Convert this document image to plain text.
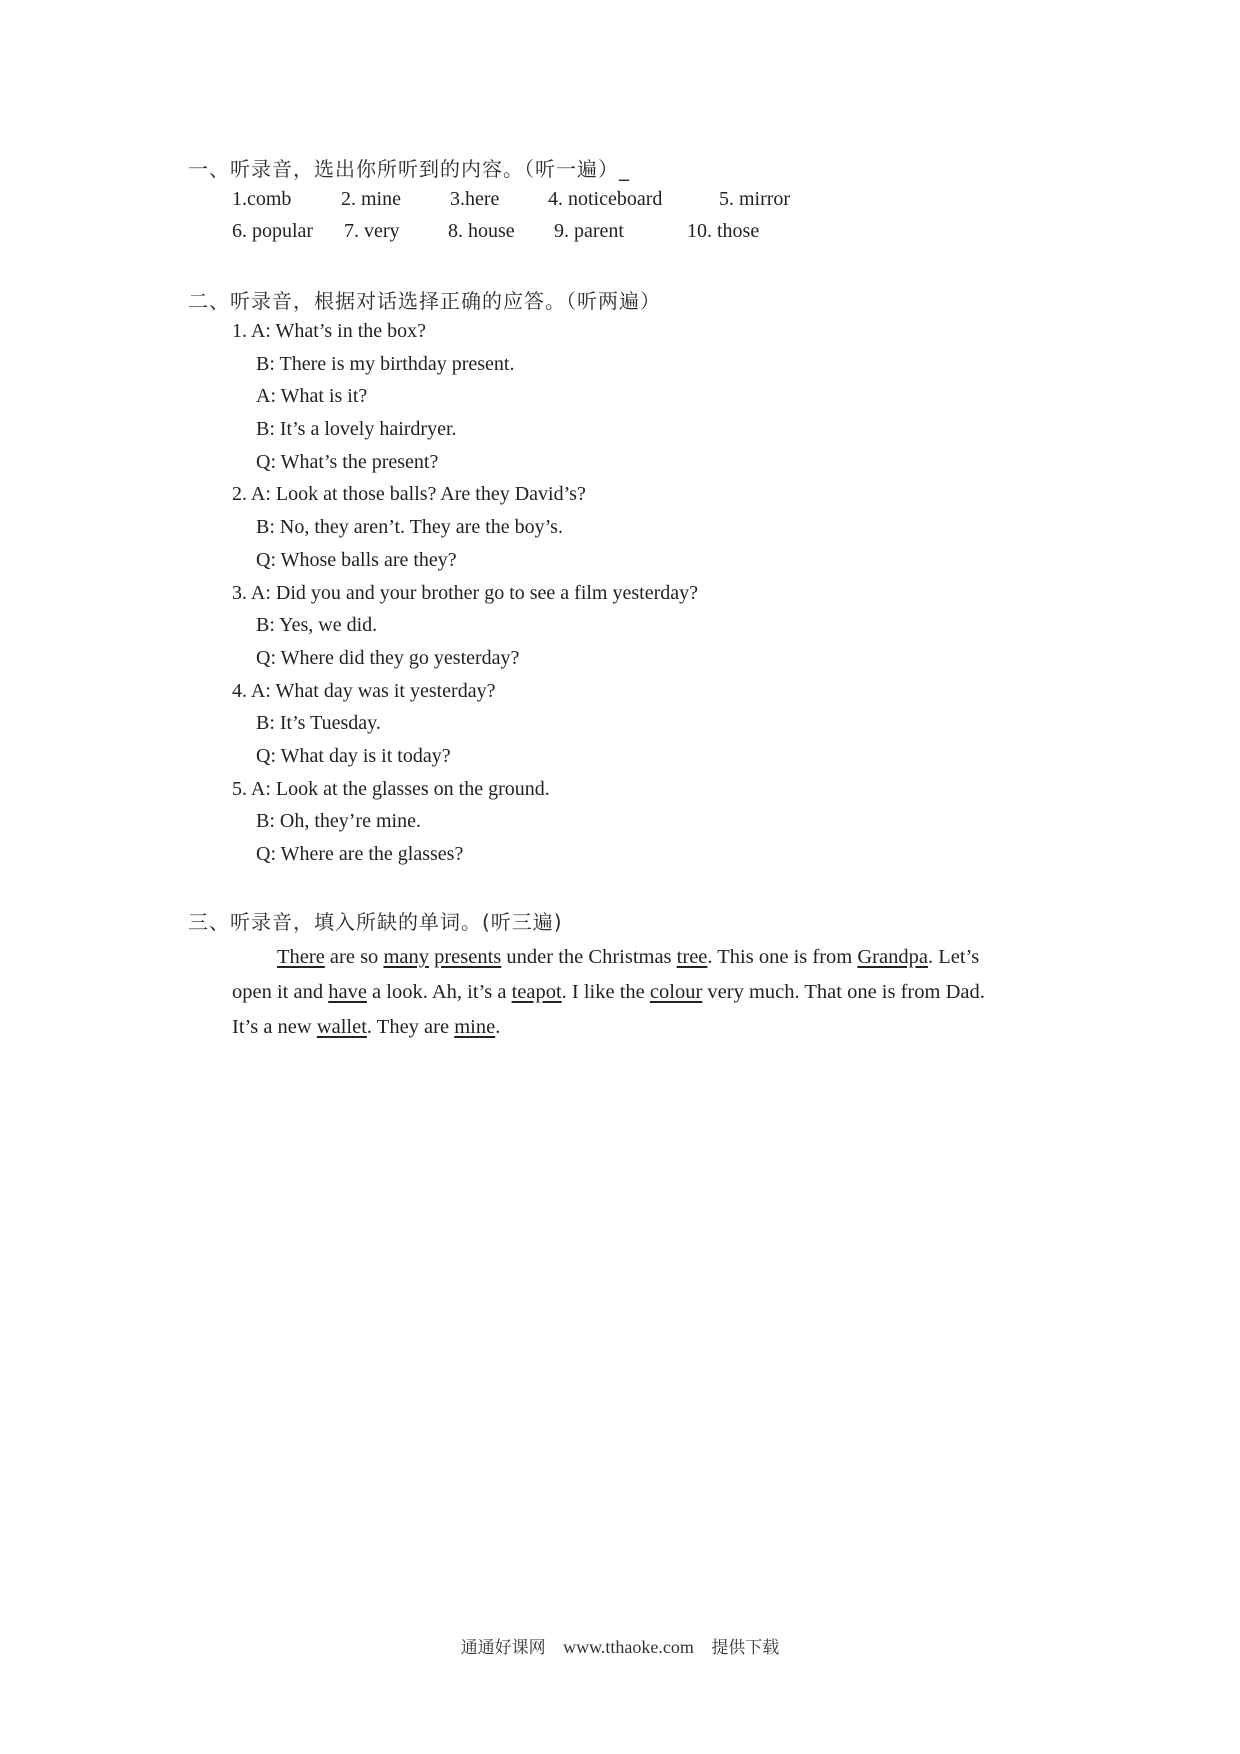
一、听录音，选出你所听到的内容。（听一遍）_
1.comb 2. mine 3.here 4. noticeboard	5. mirror
6. popular 7. very 8. house 9. parent	10. those
二、听录音，根据对话选择正确的应答。（听两遍）
1. A: What’s in the box?
B: There is my birthday present.
A: What is it?
B: It’s a lovely hairdryer.
Q: What’s the present?
2. A: Look at those balls? Are they David’s?
B: No, they aren’t. They are the boy’s.
Q: Whose balls are they?
3. A: Did you and your brother go to see a film yesterday?
B: Yes, we did.
Q: Where did they go yesterday?
4. A: What day was it yesterday?
B: It’s Tuesday.
Q: What day is it today?
5. A: Look at the glasses on the ground.
B: Oh, they’re mine.
Q: Where are the glasses?
三、听录音，填入所缺的单词。(听三遍)
There are so many presents under the Christmas tree. This one is from Grandpa. Let’s
open it and have a look. Ah, it’s a teapot. I like the colour very much. That one is from Dad.
It’s a new wallet. They are mine.
通通好课网 www.tthaoke.com 提供下载
